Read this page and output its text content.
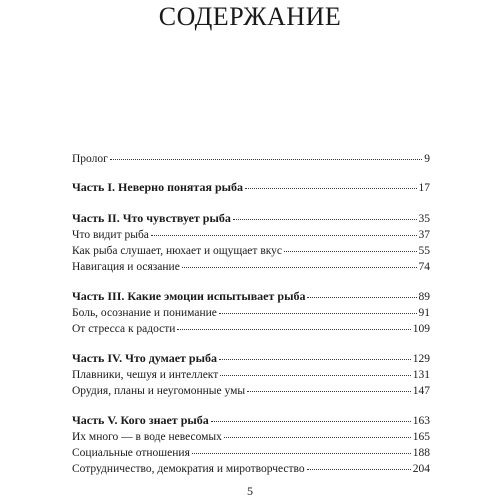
СОДЕРЖАНИЕ
Пролог	9
Часть I. Неверно понятая рыба	17
Часть II. Что чувствует рыба	35
Что видит рыба	37
Как рыба слушает, нюхает и ощущает вкус	55
Навигация и осязание	74
Часть III. Какие эмоции испытывает рыба	89
Боль, осознание и понимание	91
От стресса к радости	109
Часть IV. Что думает рыба	129
Плавники, чешуя и интеллект	131
Орудия, планы и неугомонные умы	147
Часть V. Кого знает рыба	163
Их много — в воде невесомых	165
Социальные отношения	188
Сотрудничество, демократия и миротворчество	204
5
